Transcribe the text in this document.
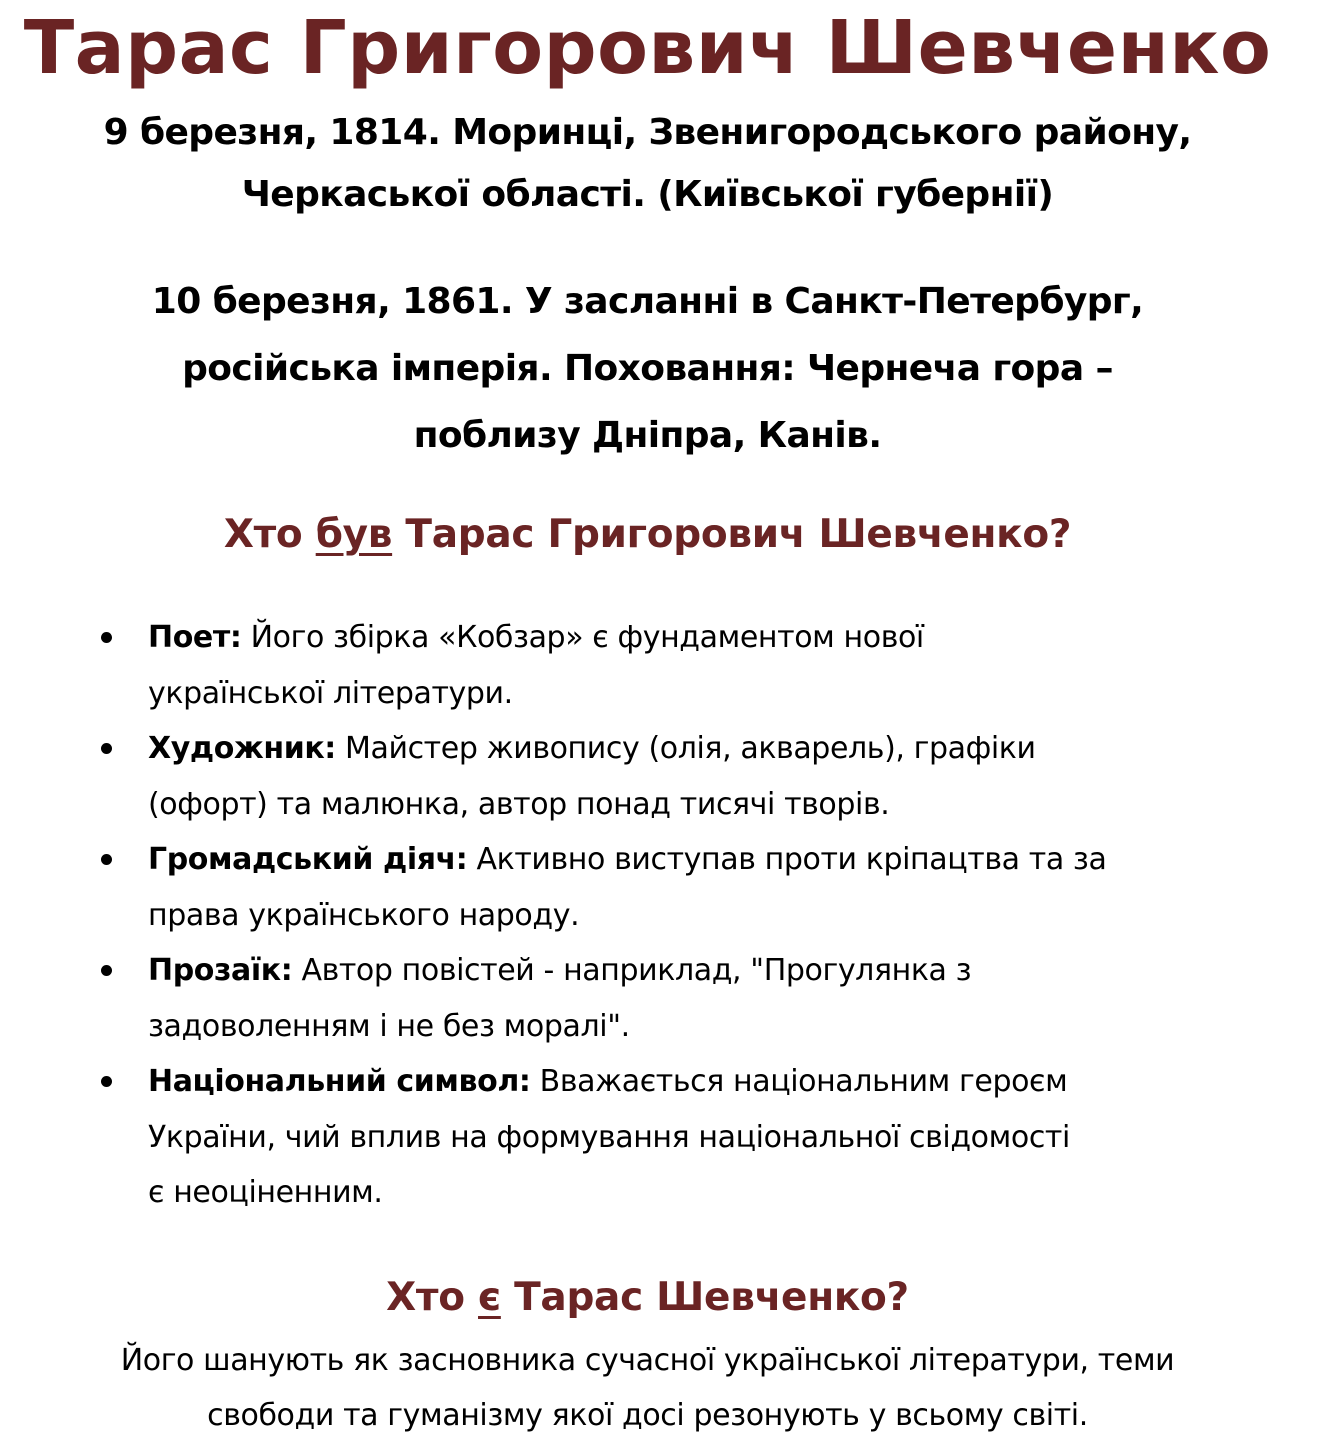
Тарас Григорович Шевченко
9 березня, 1814. Моринці, Звенигородського району,
Черкаської області. (Київської губернії)
10 березня, 1861. У засланні в Санкт-Петербург,
російська імперія. Поховання: Чернеча гора –
поблизу Дніпра, Канів.
Хто був Тарас Григорович Шевченко?
Поет: Його збірка «Кобзар» є фундаментом нової
української літератури.
Художник: Майстер живопису (олія, акварель), графіки
(офорт) та малюнка, автор понад тисячі творів.
Громадський діяч: Активно виступав проти кріпацтва та за
права українського народу.
Прозаїк: Автор повістей - наприклад, "Прогулянка з
задоволенням і не без моралі".
Національний символ: Вважається національним героєм
України, чий вплив на формування національної свідомості
є неоціненним.
Хто є Тарас Шевченко?
Його шанують як засновника сучасної української літератури, теми
свободи та гуманізму якої досі резонують у всьому світі.
